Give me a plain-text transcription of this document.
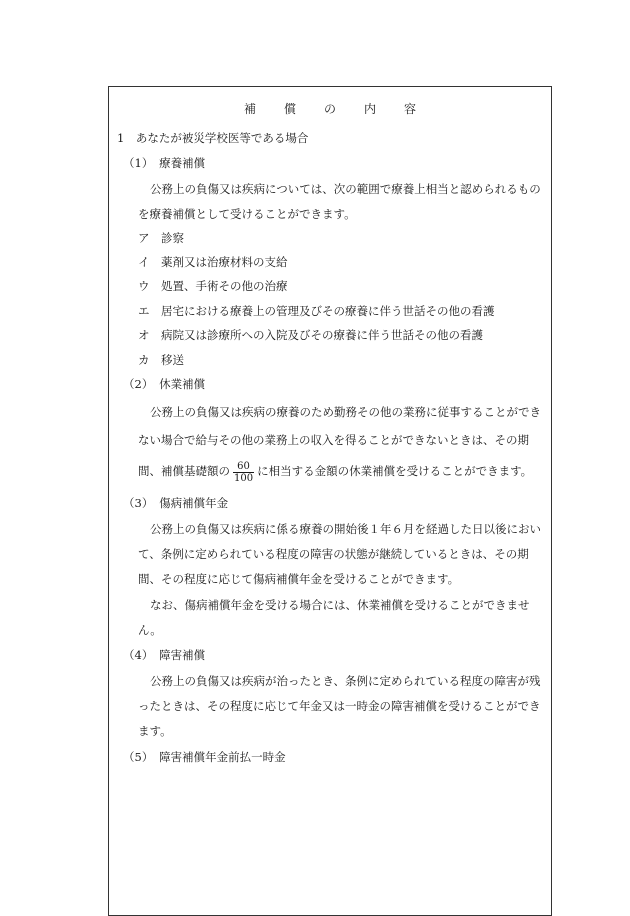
補 償 の 内 容
1　あなたが被災学校医等である場合
（1）　療養補償
公務上の負傷又は疾病については、次の範囲で療養上相当と認められるもの
を療養補償として受けることができます。
ア　診察
イ　薬剤又は治療材料の支給
ウ　処置、手術その他の治療
エ　居宅における療養上の管理及びその療養に伴う世話その他の看護
オ　病院又は診療所への入院及びその療養に伴う世話その他の看護
カ　移送
（2）　休業補償
公務上の負傷又は疾病の療養のため勤務その他の業務に従事することができ
ない場合で給与その他の業務上の収入を得ることができないときは、その期
間、補償基礎額の $\frac{60}{100}$ に相当する金額の休業補償を受けることができます。
（3）　傷病補償年金
公務上の負傷又は疾病に係る療養の開始後１年６月を経過した日以後におい
て、条例に定められている程度の障害の状態が継続しているときは、その期
間、その程度に応じて傷病補償年金を受けることができます。
なお、傷病補償年金を受ける場合には、休業補償を受けることができませ
ん。
（4）　障害補償
公務上の負傷又は疾病が治ったとき、条例に定められている程度の障害が残
ったときは、その程度に応じて年金又は一時金の障害補償を受けることができ
ます。
（5）　障害補償年金前払一時金
